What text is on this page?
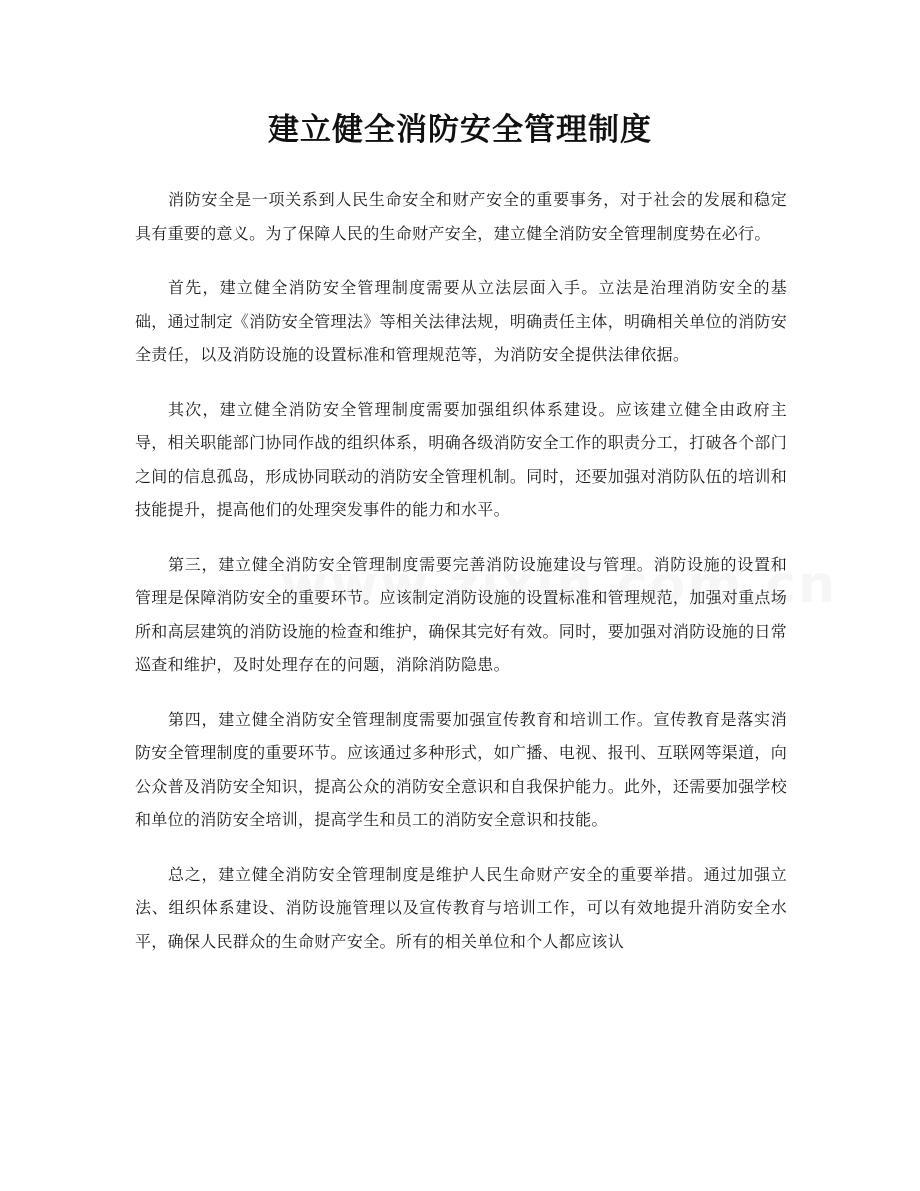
建立健全消防安全管理制度

消防安全是一项关系到人民生命安全和财产安全的重要事务，对于社会的发展和稳定具有重要的意义。为了保障人民的生命财产安全，建立健全消防安全管理制度势在必行。

首先，建立健全消防安全管理制度需要从立法层面入手。立法是治理消防安全的基础，通过制定《消防安全管理法》等相关法律法规，明确责任主体，明确相关单位的消防安全责任，以及消防设施的设置标准和管理规范等，为消防安全提供法律依据。

其次，建立健全消防安全管理制度需要加强组织体系建设。应该建立健全由政府主导，相关职能部门协同作战的组织体系，明确各级消防安全工作的职责分工，打破各个部门之间的信息孤岛，形成协同联动的消防安全管理机制。同时，还要加强对消防队伍的培训和技能提升，提高他们的处理突发事件的能力和水平。

第三，建立健全消防安全管理制度需要完善消防设施建设与管理。消防设施的设置和管理是保障消防安全的重要环节。应该制定消防设施的设置标准和管理规范，加强对重点场所和高层建筑的消防设施的检查和维护，确保其完好有效。同时，要加强对消防设施的日常巡查和维护，及时处理存在的问题，消除消防隐患。

第四，建立健全消防安全管理制度需要加强宣传教育和培训工作。宣传教育是落实消防安全管理制度的重要环节。应该通过多种形式，如广播、电视、报刊、互联网等渠道，向公众普及消防安全知识，提高公众的消防安全意识和自我保护能力。此外，还需要加强学校和单位的消防安全培训，提高学生和员工的消防安全意识和技能。

总之，建立健全消防安全管理制度是维护人民生命财产安全的重要举措。通过加强立法、组织体系建设、消防设施管理以及宣传教育与培训工作，可以有效地提升消防安全水平，确保人民群众的生命财产安全。所有的相关单位和个人都应该认
